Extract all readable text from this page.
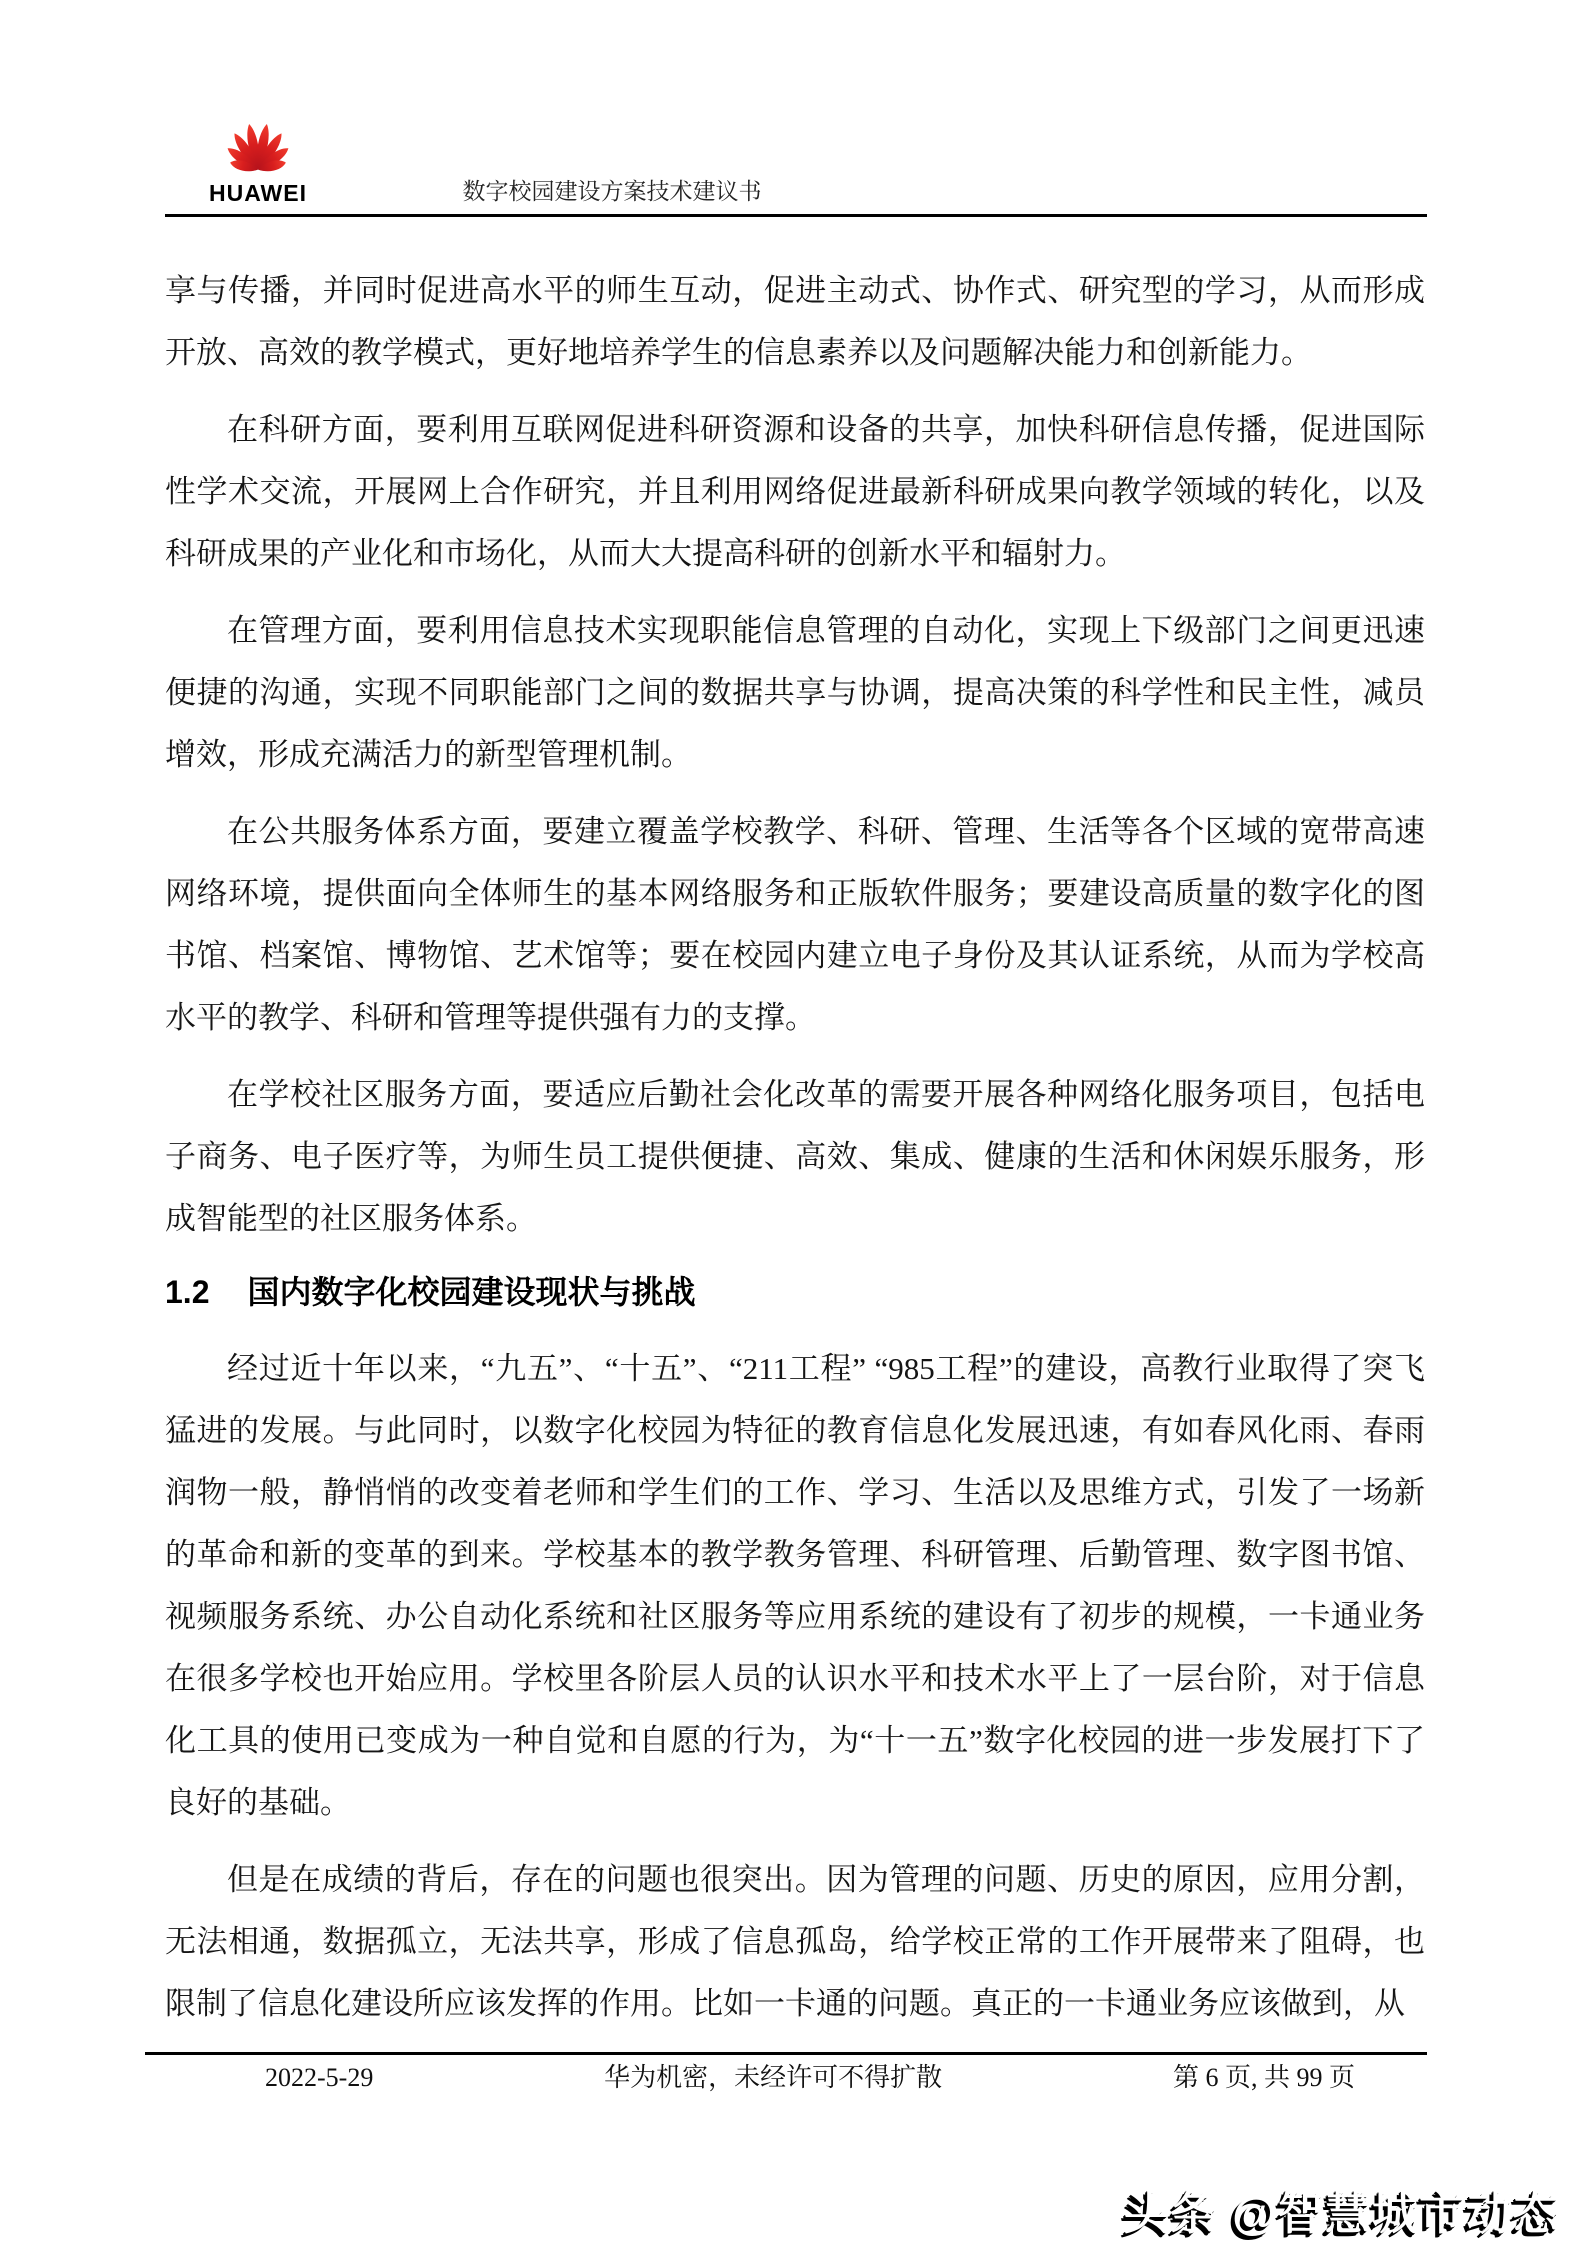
HUAWEI	数字校园建设方案技术建议书

享与传播，并同时促进高水平的师生互动，促进主动式、协作式、研究型的学习，从而形成开放、高效的教学模式，更好地培养学生的信息素养以及问题解决能力和创新能力。

在科研方面，要利用互联网促进科研资源和设备的共享，加快科研信息传播，促进国际性学术交流，开展网上合作研究，并且利用网络促进最新科研成果向教学领域的转化，以及科研成果的产业化和市场化，从而大大提高科研的创新水平和辐射力。

在管理方面，要利用信息技术实现职能信息管理的自动化，实现上下级部门之间更迅速便捷的沟通，实现不同职能部门之间的数据共享与协调，提高决策的科学性和民主性，减员增效，形成充满活力的新型管理机制。

在公共服务体系方面，要建立覆盖学校教学、科研、管理、生活等各个区域的宽带高速网络环境，提供面向全体师生的基本网络服务和正版软件服务；要建设高质量的数字化的图书馆、档案馆、博物馆、艺术馆等；要在校园内建立电子身份及其认证系统，从而为学校高水平的教学、科研和管理等提供强有力的支撑。

在学校社区服务方面，要适应后勤社会化改革的需要开展各种网络化服务项目，包括电子商务、电子医疗等，为师生员工提供便捷、高效、集成、健康的生活和休闲娱乐服务，形成智能型的社区服务体系。

1.2 国内数字化校园建设现状与挑战

经过近十年以来，“九五”、“十五”、“211工程” “985工程”的建设，高教行业取得了突飞猛进的发展。与此同时，以数字化校园为特征的教育信息化发展迅速，有如春风化雨、春雨润物一般，静悄悄的改变着老师和学生们的工作、学习、生活以及思维方式，引发了一场新的革命和新的变革的到来。学校基本的教学教务管理、科研管理、后勤管理、数字图书馆、视频服务系统、办公自动化系统和社区服务等应用系统的建设有了初步的规模，一卡通业务在很多学校也开始应用。学校里各阶层人员的认识水平和技术水平上了一层台阶，对于信息化工具的使用已变成为一种自觉和自愿的行为，为“十一五”数字化校园的进一步发展打下了良好的基础。

但是在成绩的背后，存在的问题也很突出。因为管理的问题、历史的原因，应用分割，无法相通，数据孤立，无法共享，形成了信息孤岛，给学校正常的工作开展带来了阻碍，也限制了信息化建设所应该发挥的作用。比如一卡通的问题。真正的一卡通业务应该做到，从

2022-5-29	华为机密，未经许可不得扩散	第 6 页, 共 99 页
头条 @智慧城市动态
